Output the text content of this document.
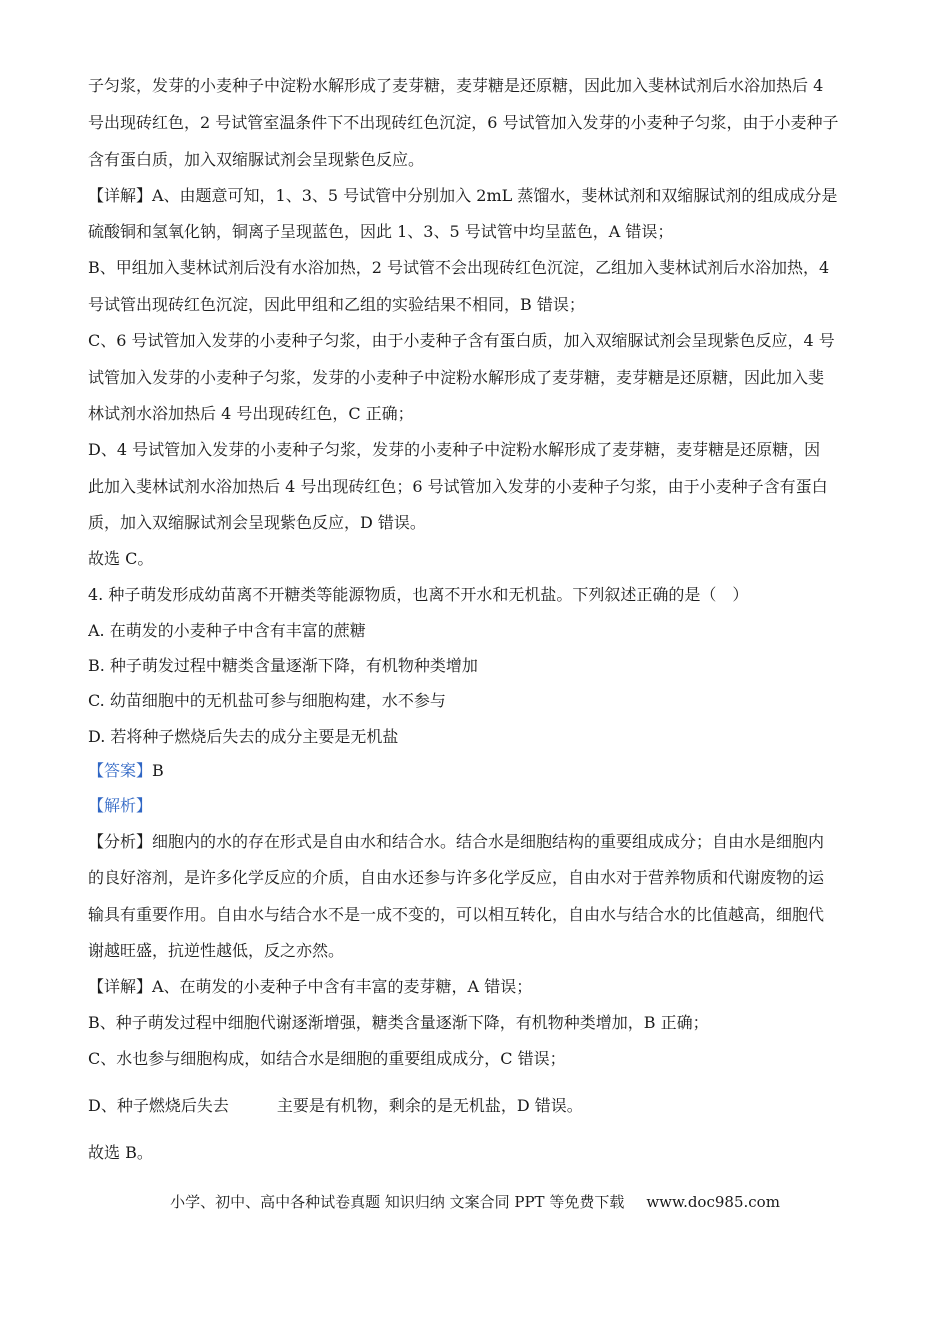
子匀浆，发芽的小麦种子中淀粉水解形成了麦芽糖，麦芽糖是还原糖，因此加入斐林试剂后水浴加热后 4
号出现砖红色，2 号试管室温条件下不出现砖红色沉淀，6 号试管加入发芽的小麦种子匀浆，由于小麦种子
含有蛋白质，加入双缩脲试剂会呈现紫色反应。
【详解】A、由题意可知，1、3、5 号试管中分别加入 2mL 蒸馏水，斐林试剂和双缩脲试剂的组成成分是
硫酸铜和氢氧化钠，铜离子呈现蓝色，因此 1、3、5 号试管中均呈蓝色，A 错误；
B、甲组加入斐林试剂后没有水浴加热，2 号试管不会出现砖红色沉淀，乙组加入斐林试剂后水浴加热，4
号试管出现砖红色沉淀，因此甲组和乙组的实验结果不相同，B 错误；
C、6 号试管加入发芽的小麦种子匀浆，由于小麦种子含有蛋白质，加入双缩脲试剂会呈现紫色反应，4 号
试管加入发芽的小麦种子匀浆，发芽的小麦种子中淀粉水解形成了麦芽糖，麦芽糖是还原糖，因此加入斐
林试剂水浴加热后 4 号出现砖红色，C 正确；
D、4 号试管加入发芽的小麦种子匀浆，发芽的小麦种子中淀粉水解形成了麦芽糖，麦芽糖是还原糖，因
此加入斐林试剂水浴加热后 4 号出现砖红色；6 号试管加入发芽的小麦种子匀浆，由于小麦种子含有蛋白
质，加入双缩脲试剂会呈现紫色反应，D 错误。
故选 C。
4. 种子萌发形成幼苗离不开糖类等能源物质，也离不开水和无机盐。下列叙述正确的是（　）
A. 在萌发的小麦种子中含有丰富的蔗糖
B. 种子萌发过程中糖类含量逐渐下降，有机物种类增加
C. 幼苗细胞中的无机盐可参与细胞构建，水不参与
D. 若将种子燃烧后失去的成分主要是无机盐
【答案】B
【解析】
【分析】细胞内的水的存在形式是自由水和结合水。结合水是细胞结构的重要组成成分；自由水是细胞内
的良好溶剂，是许多化学反应的介质，自由水还参与许多化学反应，自由水对于营养物质和代谢废物的运
输具有重要作用。自由水与结合水不是一成不变的，可以相互转化，自由水与结合水的比值越高，细胞代
谢越旺盛，抗逆性越低，反之亦然。
【详解】A、在萌发的小麦种子中含有丰富的麦芽糖，A 错误；
B、种子萌发过程中细胞代谢逐渐增强，糖类含量逐渐下降，有机物种类增加，B 正确；
C、水也参与细胞构成，如结合水是细胞的重要组成成分，C 错误；
D、种子燃烧后失去　　　主要是有机物，剩余的是无机盐，D 错误。
故选 B。
小学、初中、高中各种试卷真题 知识归纳 文案合同 PPT 等免费下载 www.doc985.com
